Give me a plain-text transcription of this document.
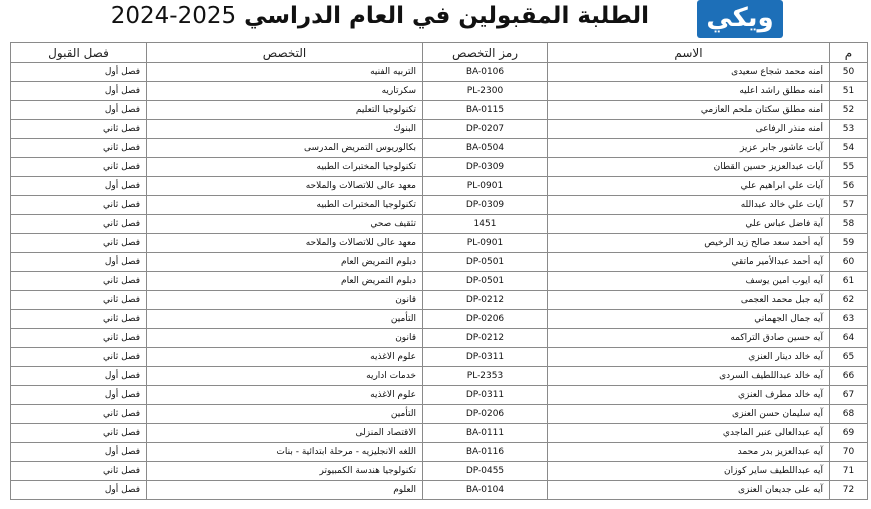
الطلبة المقبولين في العام الدراسي 2025-2024	ويكي
م	الاسم	رمز التخصص	التخصص	فصل القبول
50	أمنه محمد شجاع سعيدى	BA-0106	التربيه الفنيه	فصل أول
51	أمنه مطلق راشد اعليه	PL-2300	سكرتاريه	فصل أول
52	أمنه مطلق سكتان ملحم العازمي	BA-0115	تكنولوجيا التعليم	فصل أول
53	أمنه منذر الرفاعى	DP-0207	البنوك	فصل ثاني
54	آيات عاشور جابر عزيز	BA-0504	بكالوريوس التمريض المدرسى	فصل ثاني
55	آيات عبدالعزيز حسين القطان	DP-0309	تكنولوجيا المختبرات الطبيه	فصل ثاني
56	آيات علي ابراهيم علي	PL-0901	معهد عالى للاتصالات والملاحه	فصل أول
57	آيات علي خالد عبدالله	DP-0309	تكنولوجيا المختبرات الطبيه	فصل ثاني
58	آية فاضل عباس علي	1451	تثقيف صحي	فصل ثاني
59	آيه أحمد سعد صالح زيد الرخيص	PL-0901	معهد عالى للاتصالات والملاحه	فصل ثاني
60	آيه أحمد عبدالأمير ماتقي	DP-0501	دبلوم التمريض العام	فصل أول
61	آيه ايوب امين يوسف	DP-0501	دبلوم التمريض العام	فصل ثاني
62	آيه جبل محمد العجمى	DP-0212	قانون	فصل ثاني
63	آيه جمال الجهماني	DP-0206	التأمين	فصل ثاني
64	آيه حسين صادق التراكمه	DP-0212	قانون	فصل ثاني
65	آيه خالد دينار العنزي	DP-0311	علوم الاغذيه	فصل ثاني
66	آيه خالد عبداللطيف السردى	PL-2353	خدمات اداريه	فصل أول
67	آيه خالد مطرف العنزي	DP-0311	علوم الاغذيه	فصل أول
68	آيه سليمان حسن العنزى	DP-0206	التأمين	فصل ثاني
69	آيه عبدالعالى عنبر الماجدي	BA-0111	الاقتصاد المنزلى	فصل ثاني
70	آيه عبدالعزيز بدر محمد	BA-0116	اللغه الانجليزيه - مرحلة ابتدائية - بنات	فصل أول
71	آيه عبداللطيف ساير كوزان	DP-0455	تكنولوجيا هندسة الكمبيوتر	فصل ثاني
72	آيه على جديعان العنزى	BA-0104	العلوم	فصل أول
